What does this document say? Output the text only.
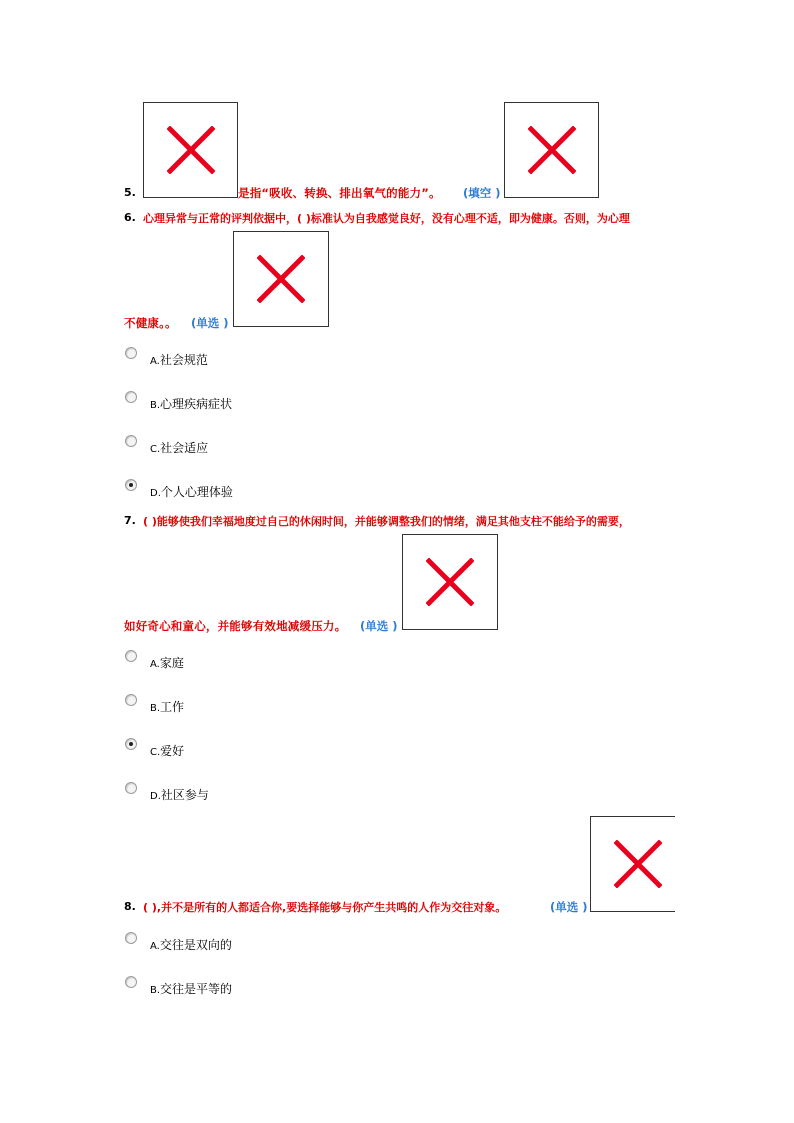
5.	是指“吸收、转换、排出氧气的能力”。 (填空 )
6. 心理异常与正常的评判依据中，( )标准认为自我感觉良好，没有心理不适，即为健康。否则，为心理
不健康。。 (单选 )
A.社会规范
B.心理疾病症状
C.社会适应
D.个人心理体验
7. ( )能够使我们幸福地度过自己的休闲时间，并能够调整我们的情绪，满足其他支柱不能给予的需要，
如好奇心和童心，并能够有效地减缓压力。 (单选 )
A.家庭
B.工作
C.爱好
D.社区参与
8. ( ),并不是所有的人都适合你,要选择能够与你产生共鸣的人作为交往对象。	(单选 )
A.交往是双向的
B.交往是平等的
